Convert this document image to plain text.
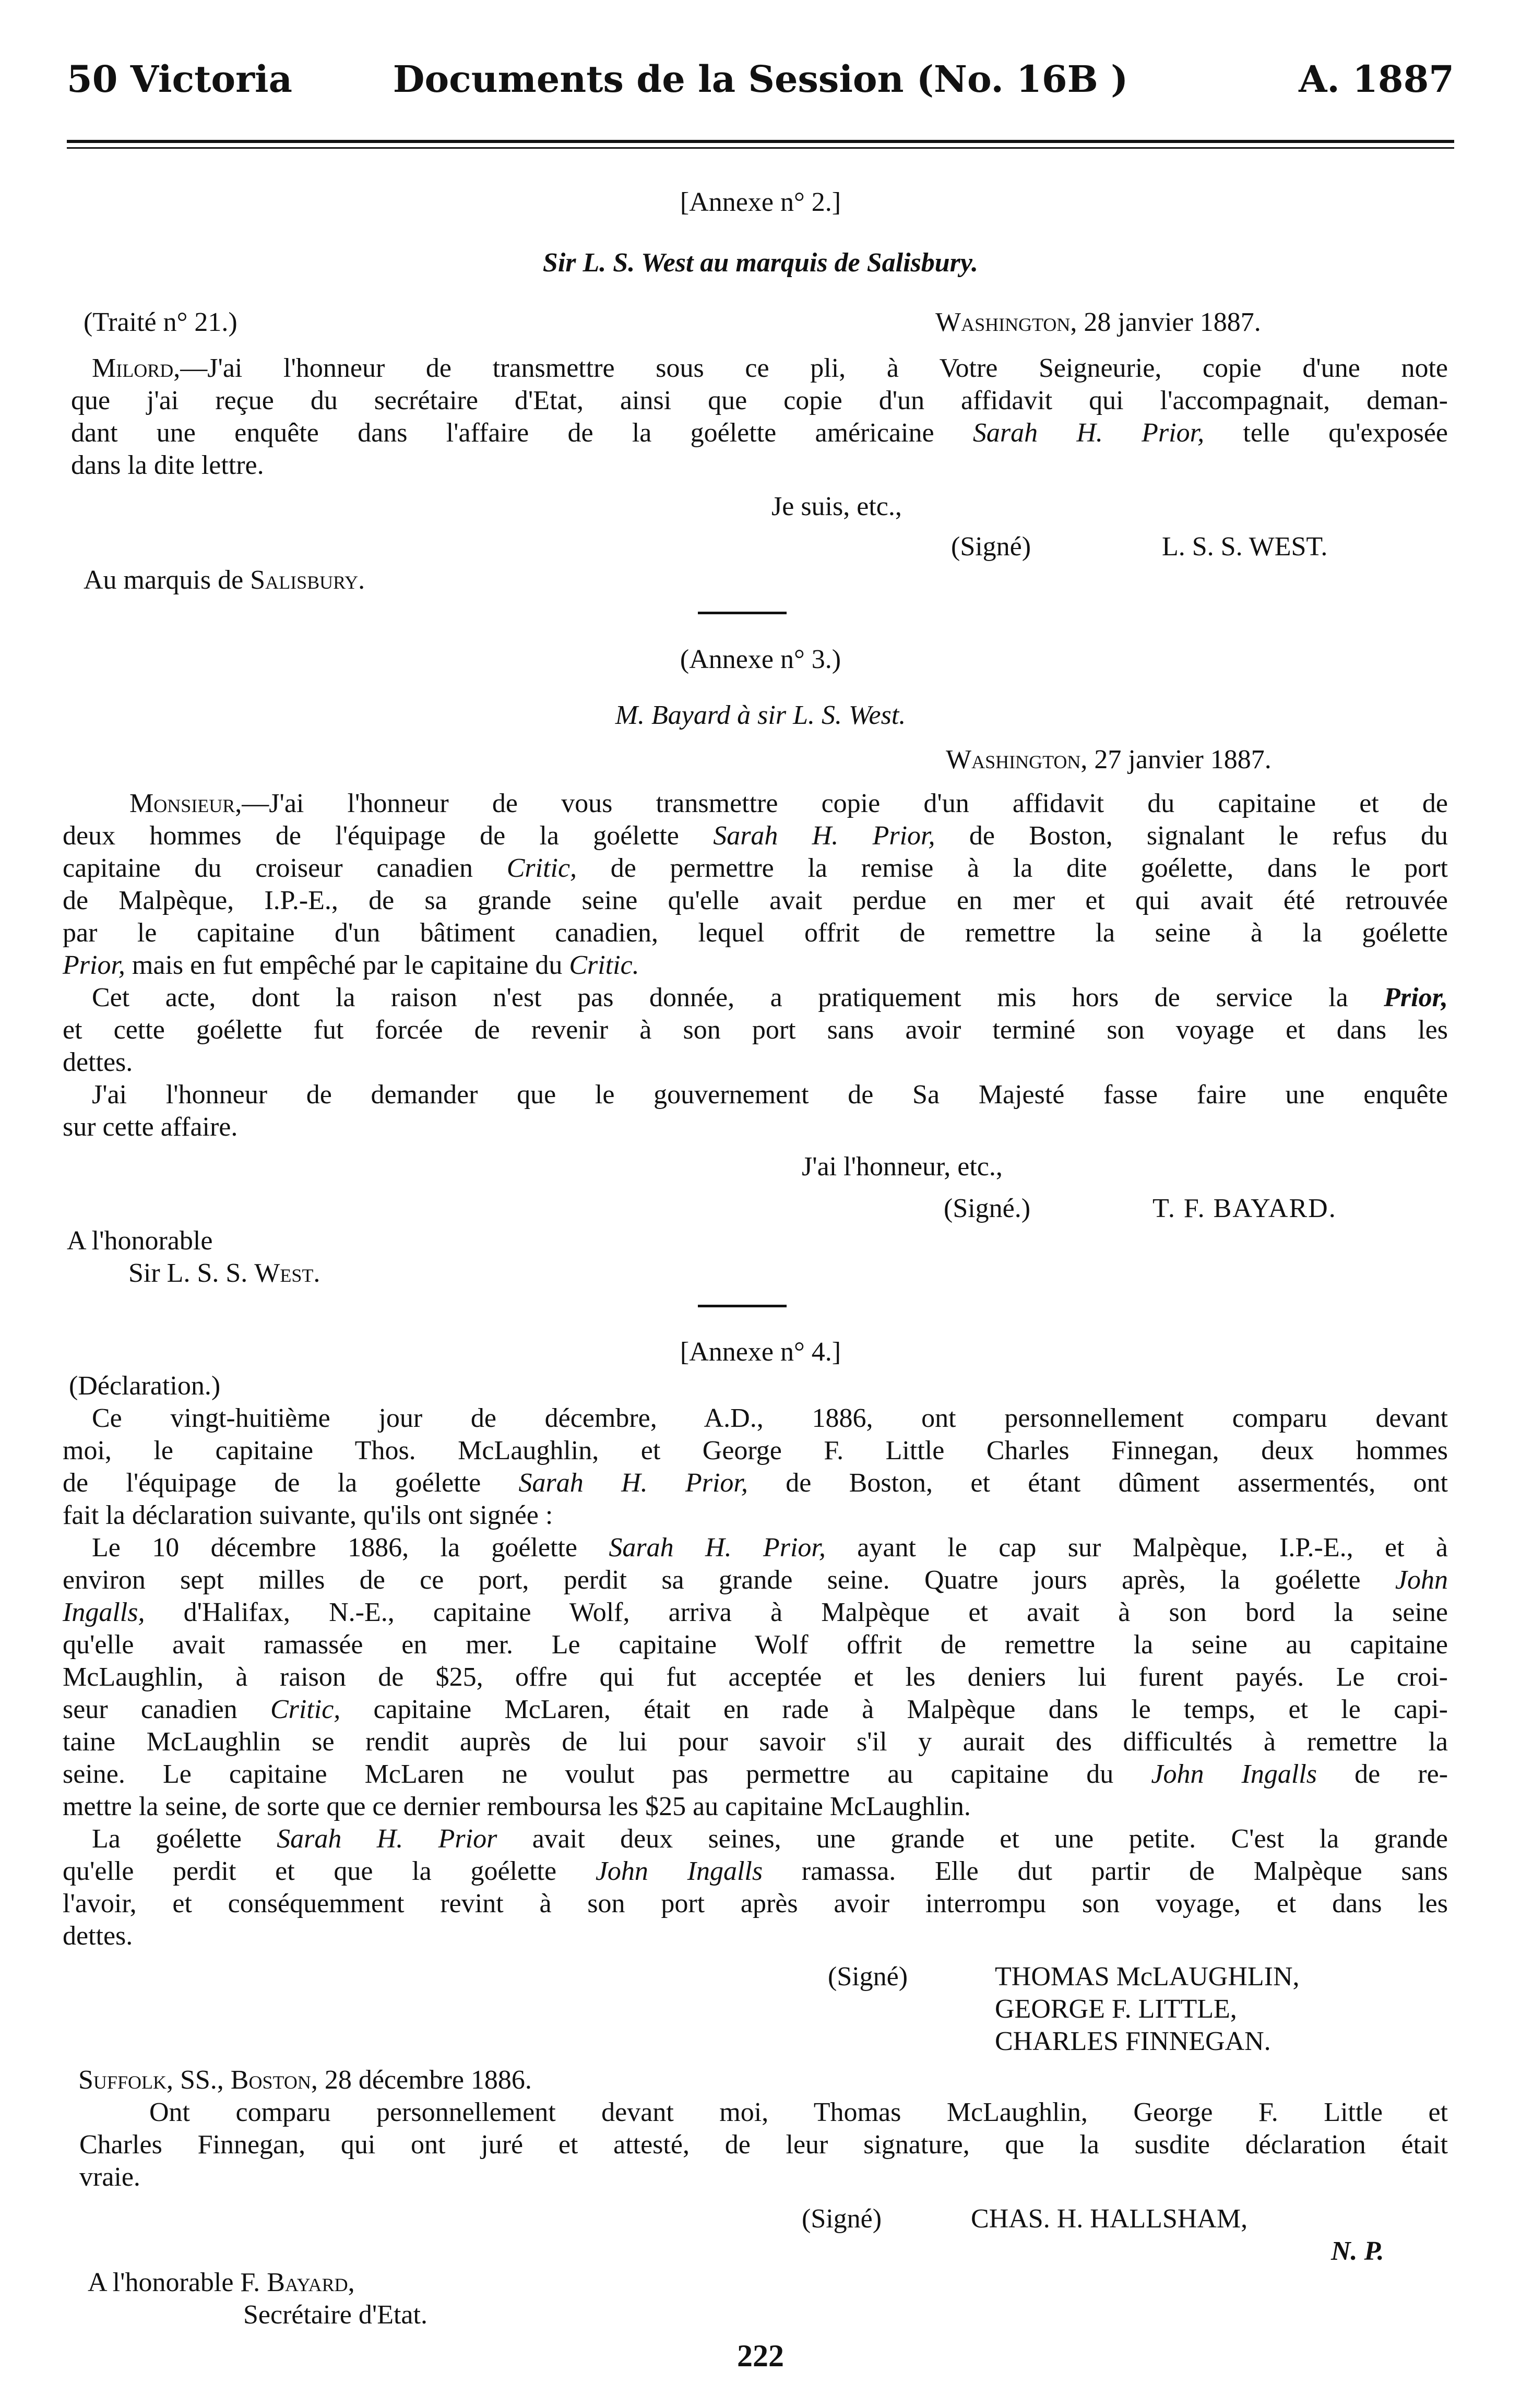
50 Victoria	Documents de la Session (No. 16B )	A. 1887
[Annexe n° 2.]
Sir L. S. West au marquis de Salisbury.
(Traité n° 21.)	Washington, 28 janvier 1887.
Milord,—J'ai l'honneur de transmettre sous ce pli, à Votre Seigneurie, copie d'une note
que j'ai reçue du secrétaire d'Etat, ainsi que copie d'un affidavit qui l'accompagnait, deman-
dant une enquête dans l'affaire de la goélette américaine Sarah H. Prior, telle qu'exposée
dans la dite lettre.
Je suis, etc.,
(Signé)	L. S. S. WEST.
Au marquis de Salisbury.
(Annexe n° 3.)
M. Bayard à sir L. S. West.
Washington, 27 janvier 1887.
Monsieur,—J'ai l'honneur de vous transmettre copie d'un affidavit du capitaine et de
deux hommes de l'équipage de la goélette Sarah H. Prior, de Boston, signalant le refus du
capitaine du croiseur canadien Critic, de permettre la remise à la dite goélette, dans le port
de Malpèque, I.P.-E., de sa grande seine qu'elle avait perdue en mer et qui avait été retrouvée
par le capitaine d'un bâtiment canadien, lequel offrit de remettre la seine à la goélette
Prior, mais en fut empêché par le capitaine du Critic.
Cet acte, dont la raison n'est pas donnée, a pratiquement mis hors de service la Prior,
et cette goélette fut forcée de revenir à son port sans avoir terminé son voyage et dans les
dettes.
J'ai l'honneur de demander que le gouvernement de Sa Majesté fasse faire une enquête
sur cette affaire.
J'ai l'honneur, etc.,
(Signé.)	T. F. BAYARD.
A l'honorable
Sir L. S. S. West.
[Annexe n° 4.]
(Déclaration.)
Ce vingt-huitième jour de décembre, A.D., 1886, ont personnellement comparu devant
moi, le capitaine Thos. McLaughlin, et George F. Little Charles Finnegan, deux hommes
de l'équipage de la goélette Sarah H. Prior, de Boston, et étant dûment assermentés, ont
fait la déclaration suivante, qu'ils ont signée :
Le 10 décembre 1886, la goélette Sarah H. Prior, ayant le cap sur Malpèque, I.P.-E., et à
environ sept milles de ce port, perdit sa grande seine. Quatre jours après, la goélette John
Ingalls, d'Halifax, N.-E., capitaine Wolf, arriva à Malpèque et avait à son bord la seine
qu'elle avait ramassée en mer. Le capitaine Wolf offrit de remettre la seine au capitaine
McLaughlin, à raison de $25, offre qui fut acceptée et les deniers lui furent payés. Le croi-
seur canadien Critic, capitaine McLaren, était en rade à Malpèque dans le temps, et le capi-
taine McLaughlin se rendit auprès de lui pour savoir s'il y aurait des difficultés à remettre la
seine. Le capitaine McLaren ne voulut pas permettre au capitaine du John Ingalls de re-
mettre la seine, de sorte que ce dernier remboursa les $25 au capitaine McLaughlin.
La goélette Sarah H. Prior avait deux seines, une grande et une petite. C'est la grande
qu'elle perdit et que la goélette John Ingalls ramassa. Elle dut partir de Malpèque sans
l'avoir, et conséquemment revint à son port après avoir interrompu son voyage, et dans les
dettes.
(Signé)	THOMAS McLAUGHLIN,
GEORGE F. LITTLE,
CHARLES FINNEGAN.
Suffolk, SS., Boston, 28 décembre 1886.
Ont comparu personnellement devant moi, Thomas McLaughlin, George F. Little et
Charles Finnegan, qui ont juré et attesté, de leur signature, que la susdite déclaration était
vraie.
(Signé)	CHAS. H. HALLSHAM,
N. P.
A l'honorable F. Bayard,
Secrétaire d'Etat.
222
